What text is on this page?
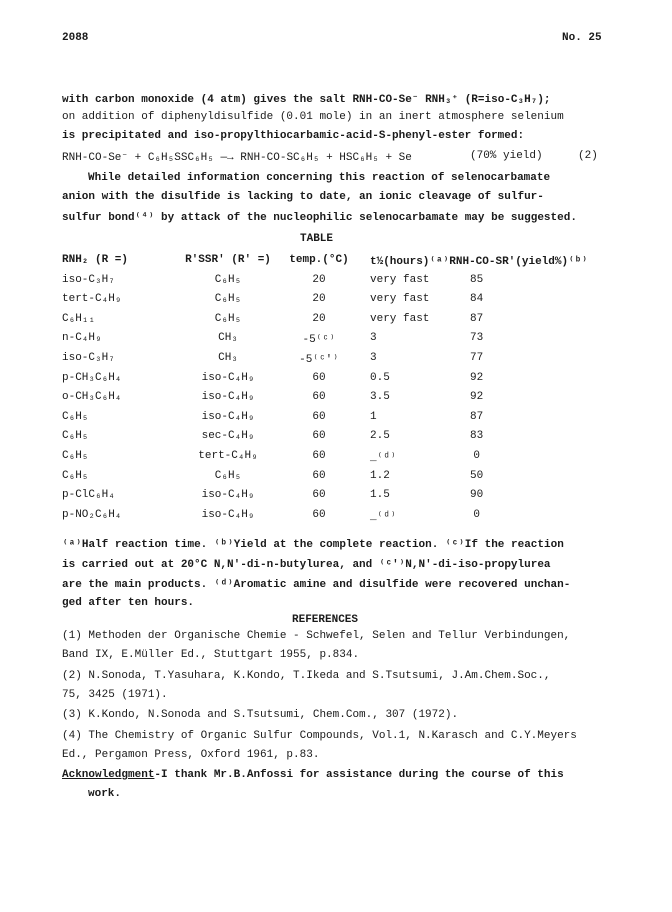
2088	No. 25
with carbon monoxide (4 atm) gives the salt RNH-CO-Se⁻ RNH₃⁺ (R=iso-C₃H₇);
on addition of diphenyldisulfide (0.01 mole) in an inert atmosphere selenium
is precipitated and iso-propylthiocarbamic-acid-S-phenyl-ester formed:
RNH-CO-Se⁻ + C₆H₅SSC₆H₅ —→ RNH-CO-SC₆H₅ + HSC₆H₅ + Se	(70% yield)	(2)
While detailed information concerning this reaction of selenocarbamate
anion with the disulfide is lacking to date, an ionic cleavage of sulfur-
sulfur bond⁽⁴⁾ by attack of the nucleophilic selenocarbamate may be suggested.
TABLE
RNH₂ (R =)	R'SSR' (R' =)	temp.(°C)	t½(hours)⁽ᵃ⁾	RNH-CO-SR'(yield%)⁽ᵇ⁾
iso-C₃H₇	C₆H₅	20	very fast	85
tert-C₄H₉	C₆H₅	20	very fast	84
C₆H₁₁	C₆H₅	20	very fast	87
n-C₄H₉	CH₃	-5⁽ᶜ⁾	3	73
iso-C₃H₇	CH₃	-5⁽ᶜ'⁾	3	77
p-CH₃C₆H₄	iso-C₄H₉	60	0.5	92
o-CH₃C₆H₄	iso-C₄H₉	60	3.5	92
C₆H₅	iso-C₄H₉	60	1	87
C₆H₅	sec-C₄H₉	60	2.5	83
C₆H₅	tert-C₄H₉	60	_⁽ᵈ⁾	0
C₆H₅	C₆H₅	60	1.2	50
p-ClC₆H₄	iso-C₄H₉	60	1.5	90
p-NO₂C₆H₄	iso-C₄H₉	60	_⁽ᵈ⁾	0
⁽ᵃ⁾Half reaction time. ⁽ᵇ⁾Yield at the complete reaction. ⁽ᶜ⁾If the reaction
is carried out at 20°C N,N'-di-n-butylurea, and ⁽ᶜ'⁾N,N'-di-iso-propylurea
are the main products. ⁽ᵈ⁾Aromatic amine and disulfide were recovered unchan-
ged after ten hours.
REFERENCES
(1) Methoden der Organische Chemie - Schwefel, Selen and Tellur Verbindungen,
Band IX, E.Müller Ed., Stuttgart 1955, p.834.
(2) N.Sonoda, T.Yasuhara, K.Kondo, T.Ikeda and S.Tsutsumi, J.Am.Chem.Soc.,
75, 3425 (1971).
(3) K.Kondo, N.Sonoda and S.Tsutsumi, Chem.Com., 307 (1972).
(4) The Chemistry of Organic Sulfur Compounds, Vol.1, N.Karasch and C.Y.Meyers
Ed., Pergamon Press, Oxford 1961, p.83.
Acknowledgment-I thank Mr.B.Anfossi for assistance during the course of this
work.
